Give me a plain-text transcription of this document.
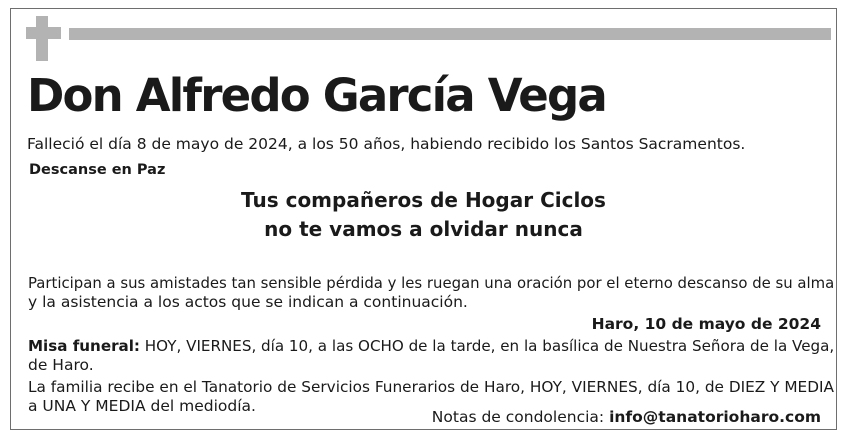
Don Alfredo García Vega
Falleció el día 8 de mayo de 2024, a los 50 años, habiendo recibido los Santos Sacramentos.
Descanse en Paz
Tus compañeros de Hogar Ciclos
no te vamos a olvidar nunca
Participan a sus amistades tan sensible pérdida y les ruegan una oración por el eterno descanso de su alma
y la asistencia a los actos que se indican a continuación.
Haro, 10 de mayo de 2024
Misa funeral: HOY, VIERNES, día 10, a las OCHO de la tarde, en la basílica de Nuestra Señora de la Vega,
de Haro.
La familia recibe en el Tanatorio de Servicios Funerarios de Haro, HOY, VIERNES, día 10, de DIEZ Y MEDIA
a UNA Y MEDIA del mediodía.
Notas de condolencia: info@tanatorioharo.com
